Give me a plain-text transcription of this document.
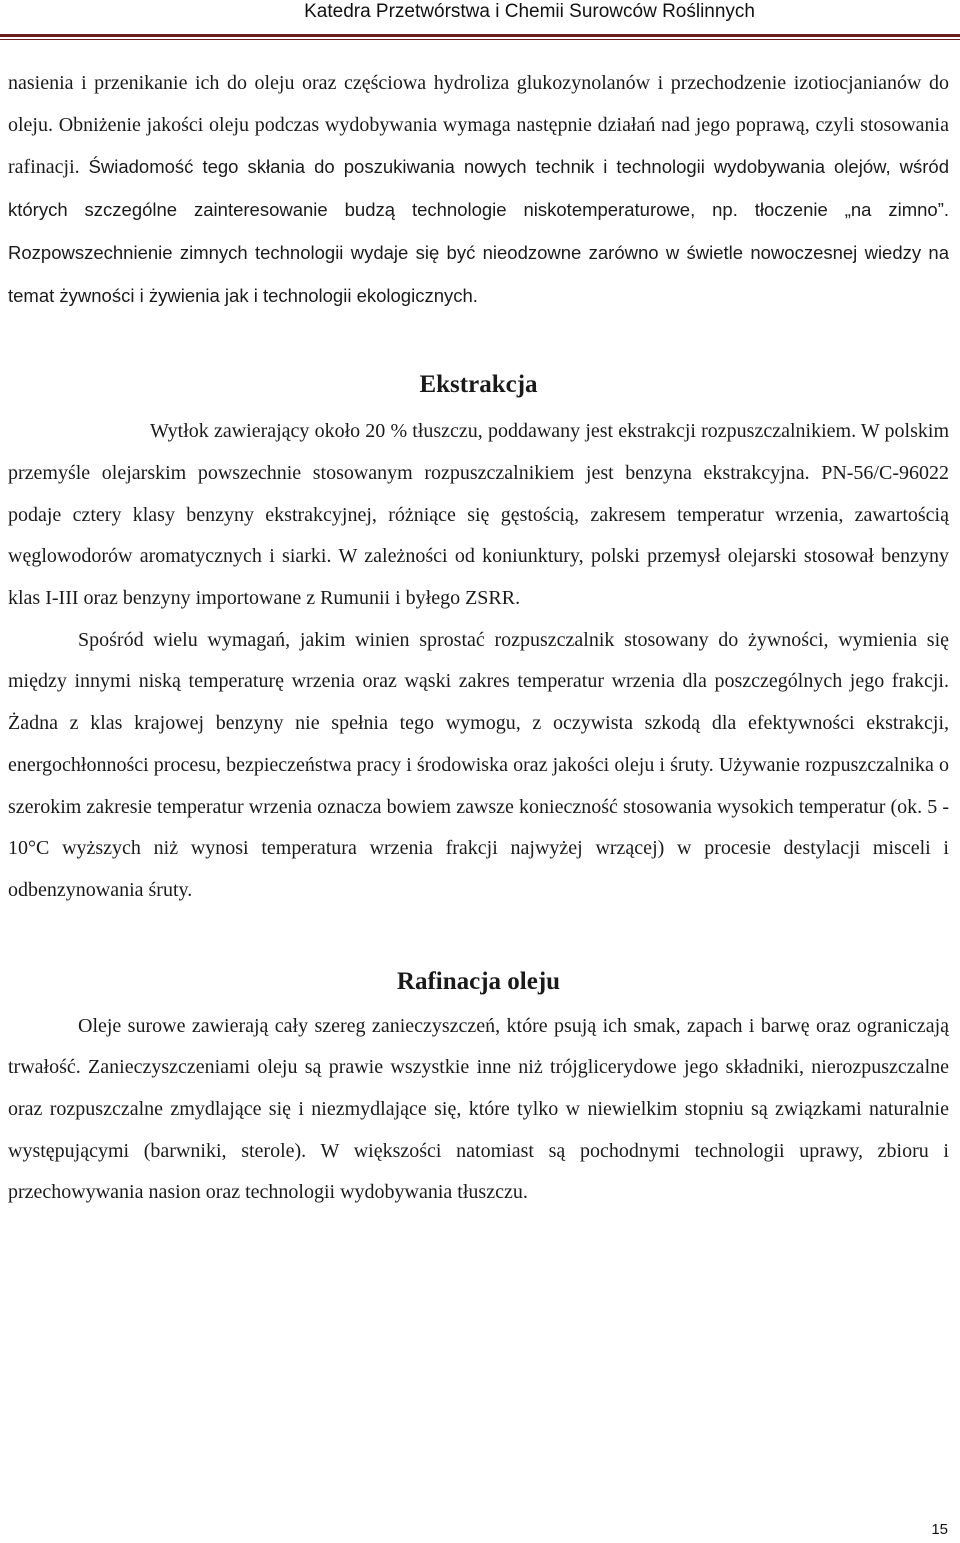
Katedra Przetwórstwa i Chemii Surowców Roślinnych

nasienia i przenikanie ich do oleju oraz częściowa hydroliza glukozynolanów i przechodzenie izotiocjanianów do oleju. Obniżenie jakości oleju podczas wydobywania wymaga następnie działań nad jego poprawą, czyli stosowania rafinacji. Świadomość tego skłania do poszukiwania nowych technik i technologii wydobywania olejów, wśród których szczególne zainteresowanie budzą technologie niskotemperaturowe, np. tłoczenie „na zimno”. Rozpowszechnienie zimnych technologii wydaje się być nieodzowne zarówno w świetle nowoczesnej wiedzy na temat żywności i żywienia jak i technologii ekologicznych.

Ekstrakcja

Wytłok zawierający około 20 % tłuszczu, poddawany jest ekstrakcji rozpuszczalnikiem. W polskim przemyśle olejarskim powszechnie stosowanym rozpuszczalnikiem jest benzyna ekstrakcyjna. PN-56/C-96022 podaje cztery klasy benzyny ekstrakcyjnej, różniące się gęstością, zakresem temperatur wrzenia, zawartością węglowodorów aromatycznych i siarki. W zależności od koniunktury, polski przemysł olejarski stosował benzyny klas I-III oraz benzyny importowane z Rumunii i byłego ZSRR.

Spośród wielu wymagań, jakim winien sprostać rozpuszczalnik stosowany do żywności, wymienia się między innymi niską temperaturę wrzenia oraz wąski zakres temperatur wrzenia dla poszczególnych jego frakcji. Żadna z klas krajowej benzyny nie spełnia tego wymogu, z oczywista szkodą dla efektywności ekstrakcji, energochłonności procesu, bezpieczeństwa pracy i środowiska oraz jakości oleju i śruty. Używanie rozpuszczalnika o szerokim zakresie temperatur wrzenia oznacza bowiem zawsze konieczność stosowania wysokich temperatur (ok. 5 - 10°C wyższych niż wynosi temperatura wrzenia frakcji najwyżej wrzącej) w procesie destylacji misceli i odbenzynowania śruty.

Rafinacja oleju

Oleje surowe zawierają cały szereg zanieczyszczeń, które psują ich smak, zapach i barwę oraz ograniczają trwałość. Zanieczyszczeniami oleju są prawie wszystkie inne niż trójglicerydowe jego składniki, nierozpuszczalne oraz rozpuszczalne zmydlające się i niezmydlające się, które tylko w niewielkim stopniu są związkami naturalnie występującymi (barwniki, sterole). W większości natomiast są pochodnymi technologii uprawy, zbioru i przechowywania nasion oraz technologii wydobywania tłuszczu.

15
